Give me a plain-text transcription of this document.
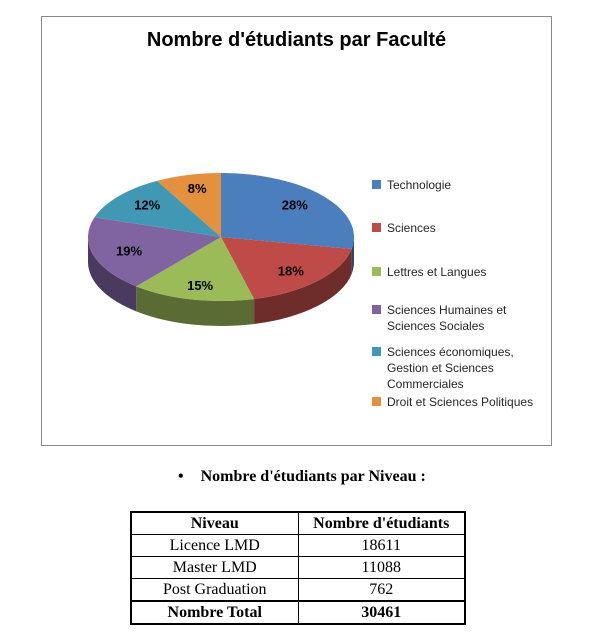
Nombre d'étudiants par Faculté
28%
18%
15%
19%
12%
8%	Technologie
Sciences
Lettres et Langues
Sciences Humaines et Sciences Sociales
Sciences économiques, Gestion et Sciences Commerciales
Droit et Sciences Politiques
• Nombre d'étudiants par Niveau :
Niveau	Nombre d'étudiants
Licence LMD	18611
Master LMD	11088
Post Graduation	762
Nombre Total	30461
